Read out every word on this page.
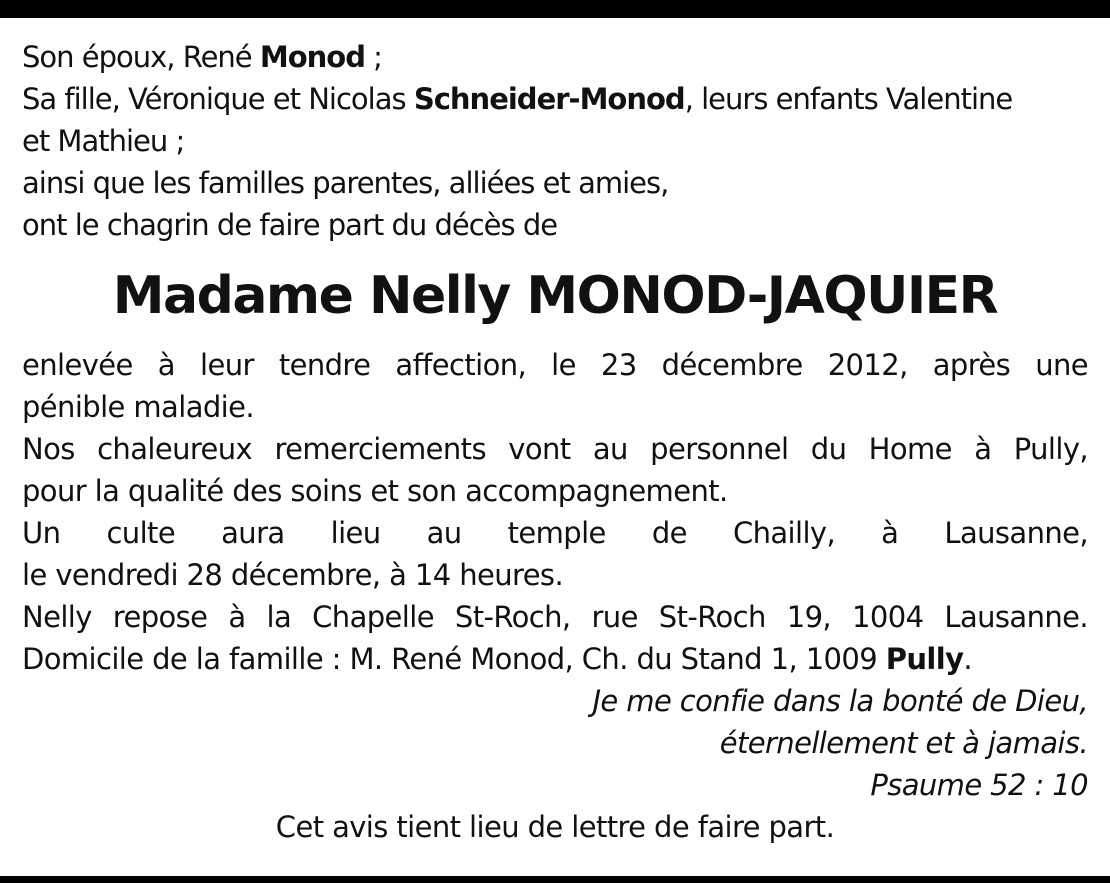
Son époux, René Monod ;

Sa fille, Véronique et Nicolas Schneider-Monod, leurs enfants Valentine

et Mathieu ;

ainsi que les familles parentes, alliées et amies,

ont le chagrin de faire part du décès de

Madame Nelly MONOD-JAQUIER

enlevée à leur tendre affection, le 23 décembre 2012, après une

pénible maladie.

Nos chaleureux remerciements vont au personnel du Home à Pully,

pour la qualité des soins et son accompagnement.

Un culte aura lieu au temple de Chailly, à Lausanne,

le vendredi 28 décembre, à 14 heures.

Nelly repose à la Chapelle St-Roch, rue St-Roch 19, 1004 Lausanne.

Domicile de la famille : M. René Monod, Ch. du Stand 1, 1009 Pully.

Je me confie dans la bonté de Dieu,

éternellement et à jamais.

Psaume 52 : 10

Cet avis tient lieu de lettre de faire part.
